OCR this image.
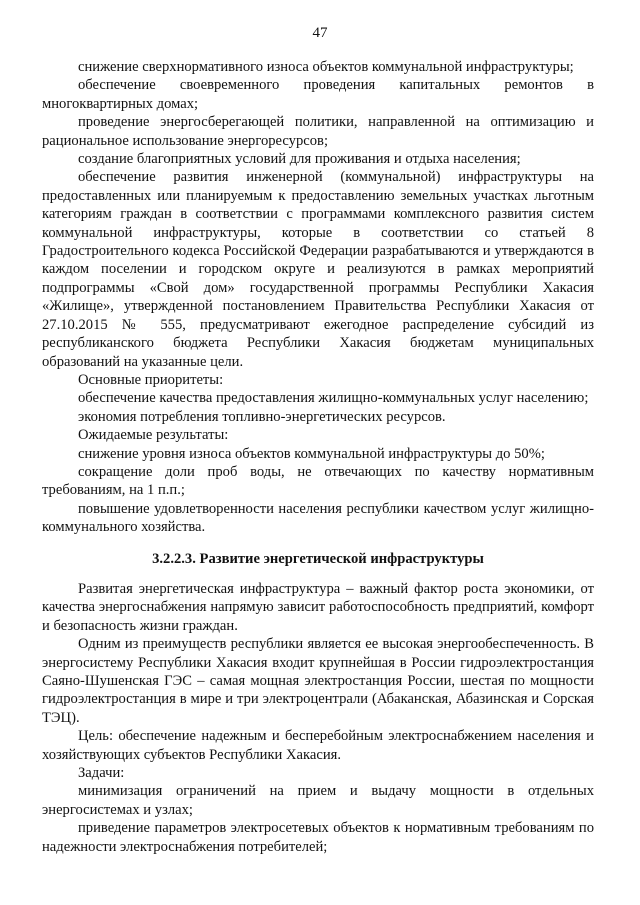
47

снижение сверхнормативного износа объектов коммунальной инфраструктуры;

обеспечение своевременного проведения капитальных ремонтов в многоквартирных домах;

проведение энергосберегающей политики, направленной на оптимизацию и рациональное использование энергоресурсов;

создание благоприятных условий для проживания и отдыха населения;

обеспечение развития инженерной (коммунальной) инфраструктуры на предоставленных или планируемым к предоставлению земельных участках льготным категориям граждан в соответствии с программами комплексного развития систем коммунальной инфраструктуры, которые в соответствии со статьей 8 Градостроительного кодекса Российской Федерации разрабатываются и утверждаются в каждом поселении и городском округе и реализуются в рамках мероприятий подпрограммы «Свой дом» государственной программы Республики Хакасия «Жилище», утвержденной постановлением Правительства Республики Хакасия от 27.10.2015 № 555, предусматривают ежегодное распределение субсидий из республиканского бюджета Республики Хакасия бюджетам муниципальных образований на указанные цели.

Основные приоритеты:

обеспечение качества предоставления жилищно-коммунальных услуг населению;

экономия потребления топливно-энергетических ресурсов.

Ожидаемые результаты:

снижение уровня износа объектов коммунальной инфраструктуры до 50%;

сокращение доли проб воды, не отвечающих по качеству нормативным требованиям, на 1 п.п.;

повышение удовлетворенности населения республики качеством услуг жилищно-коммунального хозяйства.

3.2.2.3. Развитие энергетической инфраструктуры

Развитая энергетическая инфраструктура – важный фактор роста экономики, от качества энергоснабжения напрямую зависит работоспособность предприятий, комфорт и безопасность жизни граждан.

Одним из преимуществ республики является ее высокая энергообеспеченность. В энергосистему Республики Хакасия входит крупнейшая в России гидроэлектростанция Саяно-Шушенская ГЭС – самая мощная электростанция России, шестая по мощности гидроэлектростанция в мире и три электроцентрали (Абаканская, Абазинская и Сорская ТЭЦ).

Цель: обеспечение надежным и бесперебойным электроснабжением населения и хозяйствующих субъектов Республики Хакасия.

Задачи:

минимизация ограничений на прием и выдачу мощности в отдельных энергосистемах и узлах;

приведение параметров электросетевых объектов к нормативным требованиям по надежности электроснабжения потребителей;
